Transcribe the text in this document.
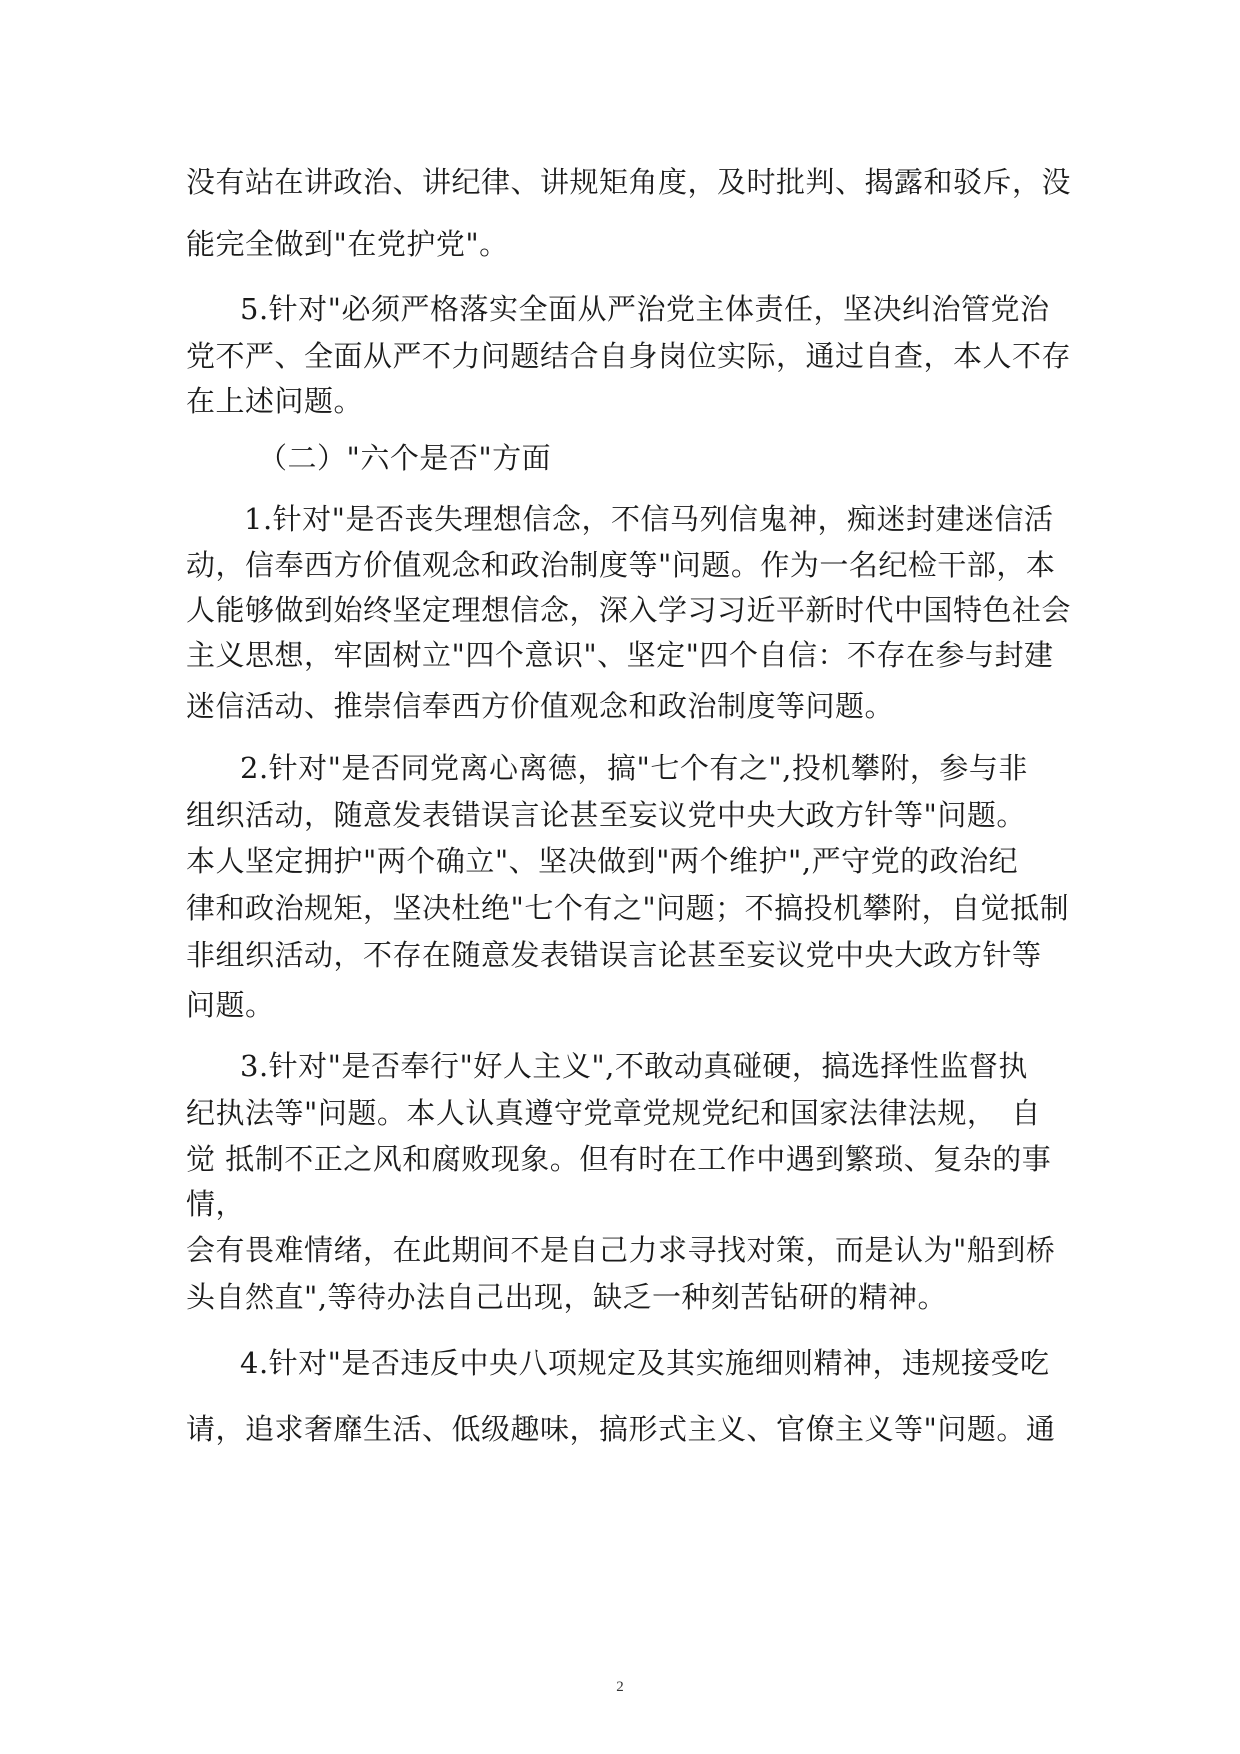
没有站在讲政治、讲纪律、讲规矩角度，及时批判、揭露和驳斥，没
能完全做到"在党护党"。
5.针对"必须严格落实全面从严治党主体责任，坚决纠治管党治
党不严、全面从严不力问题结合自身岗位实际，通过自查，本人不存
在上述问题。
（二）"六个是否"方面
1.针对"是否丧失理想信念，不信马列信鬼神，痴迷封建迷信活
动，信奉西方价值观念和政治制度等"问题。作为一名纪检干部，本
人能够做到始终坚定理想信念，深入学习习近平新时代中国特色社会
主义思想，牢固树立"四个意识"、坚定"四个自信：不存在参与封建
迷信活动、推崇信奉西方价值观念和政治制度等问题。
2.针对"是否同党离心离德，搞"七个有之",投机攀附，参与非
组织活动，随意发表错误言论甚至妄议党中央大政方针等"问题。
本人坚定拥护"两个确立"、坚决做到"两个维护",严守党的政治纪
律和政治规矩，坚决杜绝"七个有之"问题；不搞投机攀附，自觉抵制
非组织活动，不存在随意发表错误言论甚至妄议党中央大政方针等
问题。
3.针对"是否奉行"好人主义",不敢动真碰硬，搞选择性监督执
纪执法等"问题。本人认真遵守党章党规党纪和国家法律法规，　自
觉 抵制不正之风和腐败现象。但有时在工作中遇到繁琐、复杂的事
情，
会有畏难情绪，在此期间不是自己力求寻找对策，而是认为"船到桥
头自然直",等待办法自己出现，缺乏一种刻苦钻研的精神。
4.针对"是否违反中央八项规定及其实施细则精神，违规接受吃
请，追求奢靡生活、低级趣味，搞形式主义、官僚主义等"问题。通
2
